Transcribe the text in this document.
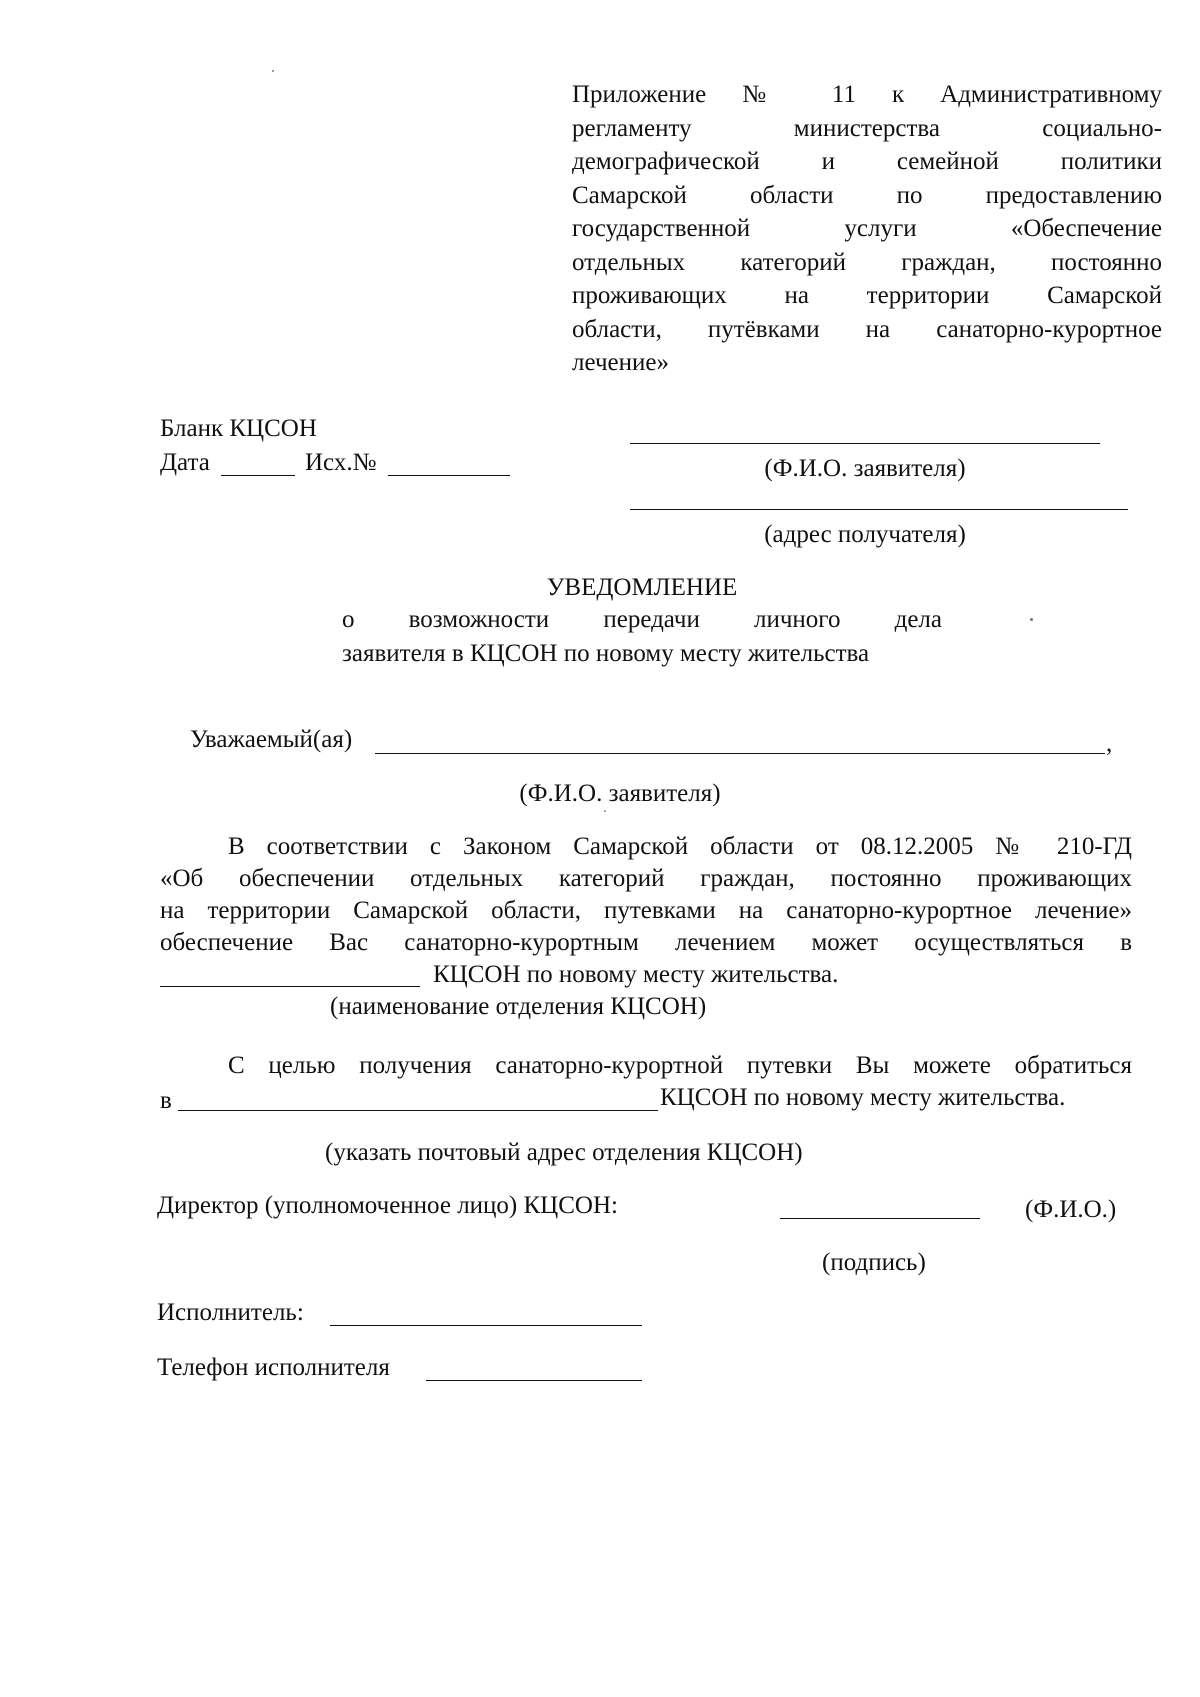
Приложение № 11 к Административному
регламенту министерства социально-
демографической и семейной политики
Самарской области по предоставлению
государственной услуги «Обеспечение
отдельных категорий граждан, постоянно
проживающих на территории Самарской
области, путёвками на санаторно-курортное
лечение»
Бланк КЦСОН
Дата	Исх.№	(Ф.И.О. заявителя)
(адрес получателя)
УВЕДОМЛЕНИЕ
о возможности передачи личного дела
заявителя в КЦСОН по новому месту жительства
Уважаемый(ая)	,
(Ф.И.О. заявителя)
В соответствии с Законом Самарской области от 08.12.2005 № 210-ГД
«Об обеспечении отдельных категорий граждан, постоянно проживающих
на территории Самарской области, путевками на санаторно-курортное лечение»
обеспечение Вас санаторно-курортным лечением может осуществляться в
КЦСОН по новому месту жительства.
(наименование отделения КЦСОН)
С целью получения санаторно-курортной путевки Вы можете обратиться
в	КЦСОН по новому месту жительства.
(указать почтовый адрес отделения КЦСОН)
Директор (уполномоченное лицо) КЦСОН:	(Ф.И.О.)
(подпись)
Исполнитель:
Телефон исполнителя
